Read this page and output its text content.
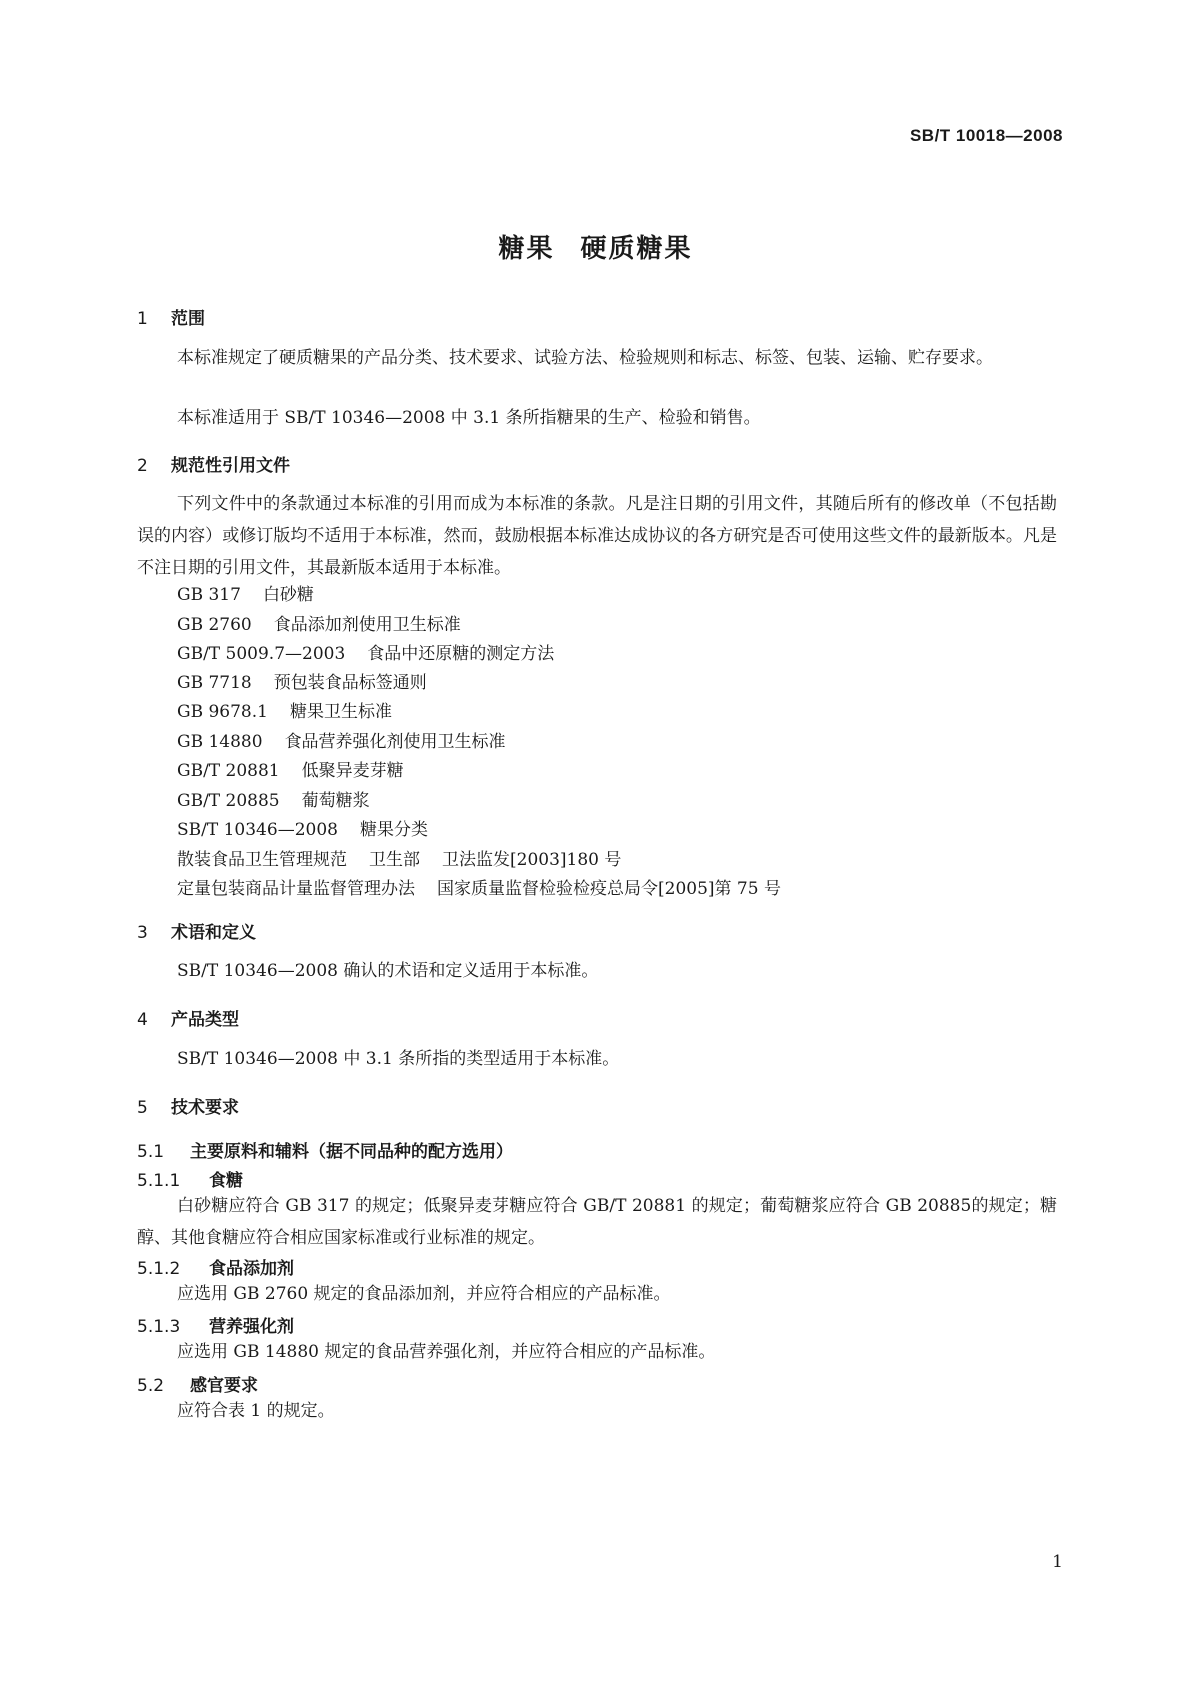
SB/T 10018—2008
糖果 硬质糖果
1 范围
本标准规定了硬质糖果的产品分类、技术要求、试验方法、检验规则和标志、标签、包装、运输、贮存要求。
本标准适用于 SB/T 10346—2008 中 3.1 条所指糖果的生产、检验和销售。
2 规范性引用文件
下列文件中的条款通过本标准的引用而成为本标准的条款。凡是注日期的引用文件，其随后所有的修改单（不包括勘误的内容）或修订版均不适用于本标准，然而，鼓励根据本标准达成协议的各方研究是否可使用这些文件的最新版本。凡是不注日期的引用文件，其最新版本适用于本标准。
GB 317 白砂糖
GB 2760 食品添加剂使用卫生标准
GB/T 5009.7—2003 食品中还原糖的测定方法
GB 7718 预包装食品标签通则
GB 9678.1 糖果卫生标准
GB 14880 食品营养强化剂使用卫生标准
GB/T 20881 低聚异麦芽糖
GB/T 20885 葡萄糖浆
SB/T 10346—2008 糖果分类
散装食品卫生管理规范 卫生部 卫法监发[2003]180 号
定量包装商品计量监督管理办法 国家质量监督检验检疫总局令[2005]第 75 号
3 术语和定义
SB/T 10346—2008 确认的术语和定义适用于本标准。
4 产品类型
SB/T 10346—2008 中 3.1 条所指的类型适用于本标准。
5 技术要求
5.1 主要原料和辅料（据不同品种的配方选用）
5.1.1 食糖
白砂糖应符合 GB 317 的规定；低聚异麦芽糖应符合 GB/T 20881 的规定；葡萄糖浆应符合 GB 20885的规定；糖醇、其他食糖应符合相应国家标准或行业标准的规定。
5.1.2 食品添加剂
应选用 GB 2760 规定的食品添加剂，并应符合相应的产品标准。
5.1.3 营养强化剂
应选用 GB 14880 规定的食品营养强化剂，并应符合相应的产品标准。
5.2 感官要求
应符合表 1 的规定。
1
